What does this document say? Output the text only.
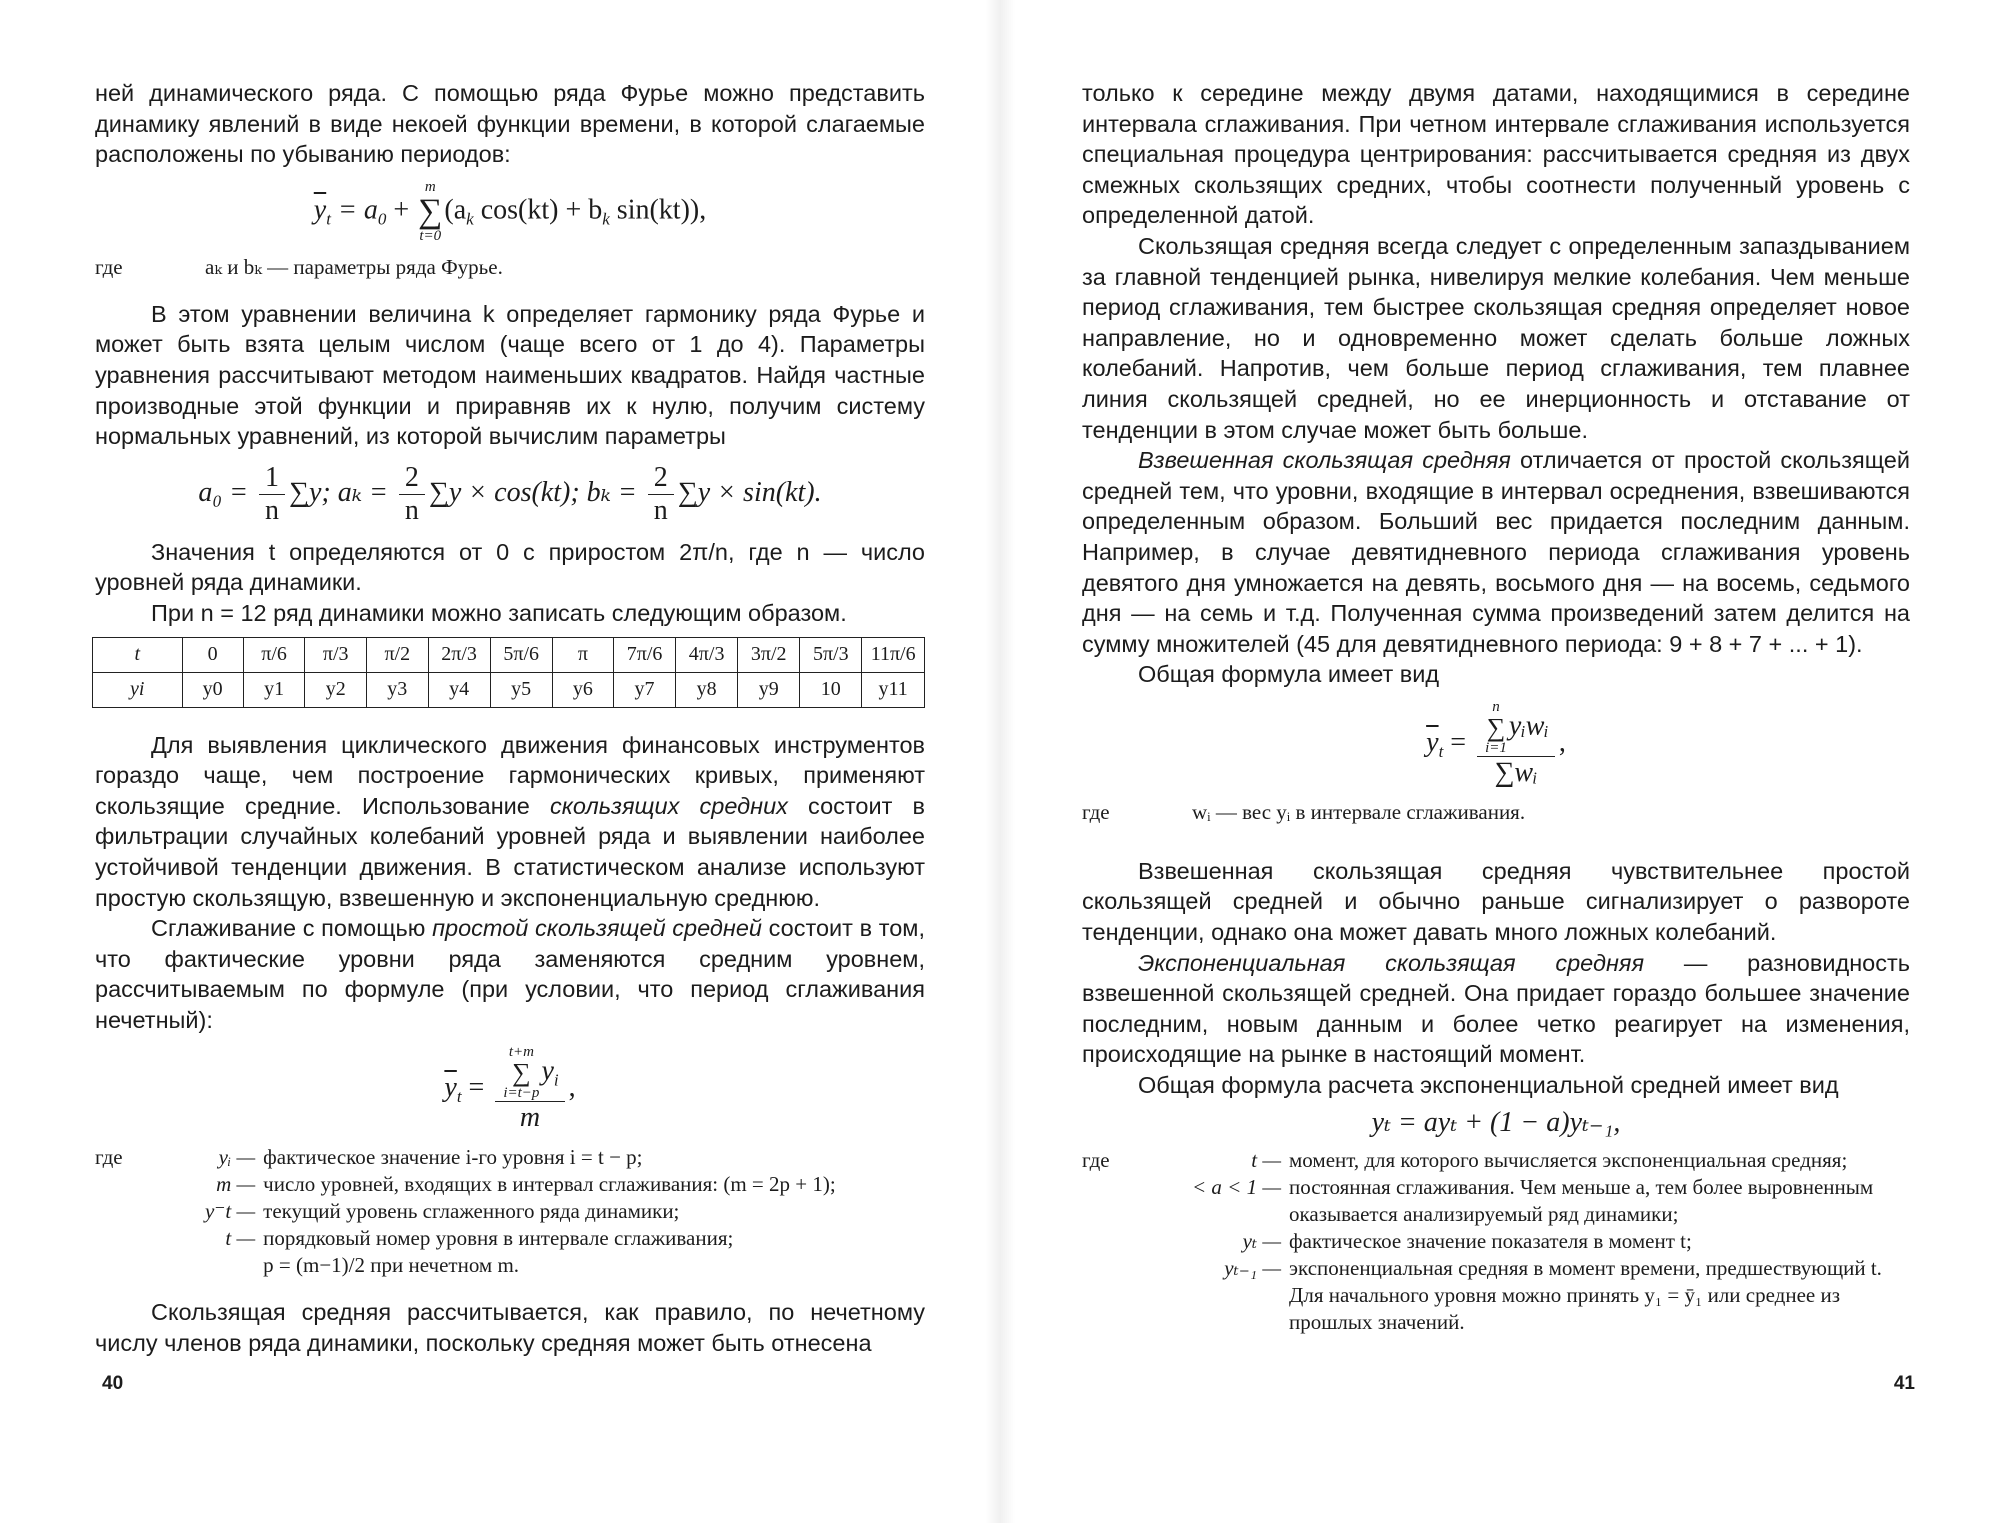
ней динамического ряда. С помощью ряда Фурье можно представить динамику явлений в виде некоей функции времени, в которой слагаемые расположены по убыванию периодов:

$\overline{y}_t = a_0$ +
m
∑
t=0
($a_k$ $\cos(kt) + b_k$ sin(kt)),
где	aₖ и bₖ — параметры ряда Фурье.

В этом уравнении величина k определяет гармонику ряда Фурье и может быть взята целым числом (чаще всего от 1 до 4). Параметры уравнения рассчитывают методом наименьших квадратов. Найдя частные производные этой функции и приравняв их к нулю, получим систему нормальных уравнений, из которой вычислим параметры

$a_0 = \frac{1}{n} \sum y$; $a_k = \frac{2}{n} \sum y \times \cos(kt)$; $b_k = \frac{2}{n} \sum y \times \sin(kt)$.

Значения t определяются от 0 с приростом 2π/n, где n — число уровней ряда динамики.

При n = 12 ряд динамики можно записать следующим образом.

t	0	π/6	π/3	π/2	2π/3	5π/6	π	7π/6	4π/3	3π/2	5π/3	11π/6
yi	y0	y1	y2	y3	y4	y5	y6	y7	y8	y9	10	y11

Для выявления циклического движения финансовых инструментов гораздо чаще, чем построение гармонических кривых, применяют скользящие средние. Использование скользящих средних состоит в фильтрации случайных колебаний уровней ряда и выявлении наиболее устойчивой тенденции движения. В статистическом анализе используют простую скользящую, взвешенную и экспоненциальную среднюю.

Сглаживание с помощью простой скользящей средней состоит в том, что фактические уровни ряда заменяются средним уровнем, рассчитываемым по формуле (при условии, что период сглаживания нечетный):

$\overline{y}_t = t+m$
∑
i=t−p
$y_i$
m ,
где	yᵢ — фактическое значение i-го уровня i = t − p;
m — число уровней, входящих в интервал сглаживания: (m = 2p + 1);
y⁻t — текущий уровень сглаженного ряда динамики;
t — порядковый номер уровня в интервале сглаживания;
p = (m−1)/2 при нечетном m.

Скользящая средняя рассчитывается, как правило, по нечетному числу членов ряда динамики, поскольку средняя может быть отнесена

40

только к середине между двумя датами, находящимися в середине интервала сглаживания. При четном интервале сглаживания используется специальная процедура центрирования: рассчитывается средняя из двух смежных скользящих средних, чтобы соотнести полученный уровень с определенной датой.

Скользящая средняя всегда следует с определенным запаздыванием за главной тенденцией рынка, нивелируя мелкие колебания. Чем меньше период сглаживания, тем быстрее скользящая средняя определяет новое направление, но и одновременно может сделать больше ложных колебаний. Напротив, чем больше период сглаживания, тем плавнее линия скользящей средней, но ее инерционность и отставание от тенденции в этом случае может быть больше.

Взвешенная скользящая средняя отличается от простой скользящей средней тем, что уровни, входящие в интервал осреднения, взвешиваются определенным образом. Больший вес придается последним данным. Например, в случае девятидневного периода сглаживания уровень девятого дня умножается на девять, восьмого дня — на восемь, седьмого дня — на семь и т.д. Полученная сумма произведений затем делится на сумму множителей (45 для девятидневного периода: 9 + 8 + 7 + ... + 1).

Общая формула имеет вид

$\overline{y}_t = n$
∑
i=1
yᵢwᵢ
∑wᵢ ,
где	wᵢ — вес yᵢ в интервале сглаживания.

Взвешенная скользящая средняя чувствительнее простой скользящей средней и обычно раньше сигнализирует о развороте тенденции, однако она может давать много ложных колебаний.

Экспоненциальная скользящая средняя — разновидность взвешенной скользящей средней. Она придает гораздо большее значение последним, новым данным и более четко реагирует на изменения, происходящие на рынке в настоящий момент.

Общая формула расчета экспоненциальной средней имеет вид

yₜ = ayₜ + (1 − a)yₜ₋₁,
где	t — момент, для которого вычисляется экспоненциальная средняя;
< a < 1 — постоянная сглаживания. Чем меньше a, тем более выровненным оказывается анализируемый ряд динамики;
yₜ — фактическое значение показателя в момент t;
yₜ₋₁ — экспоненциальная средняя в момент времени, предшествующий t. Для начального уровня можно принять y₁ = ȳ₁ или среднее из прошлых значений.
41
